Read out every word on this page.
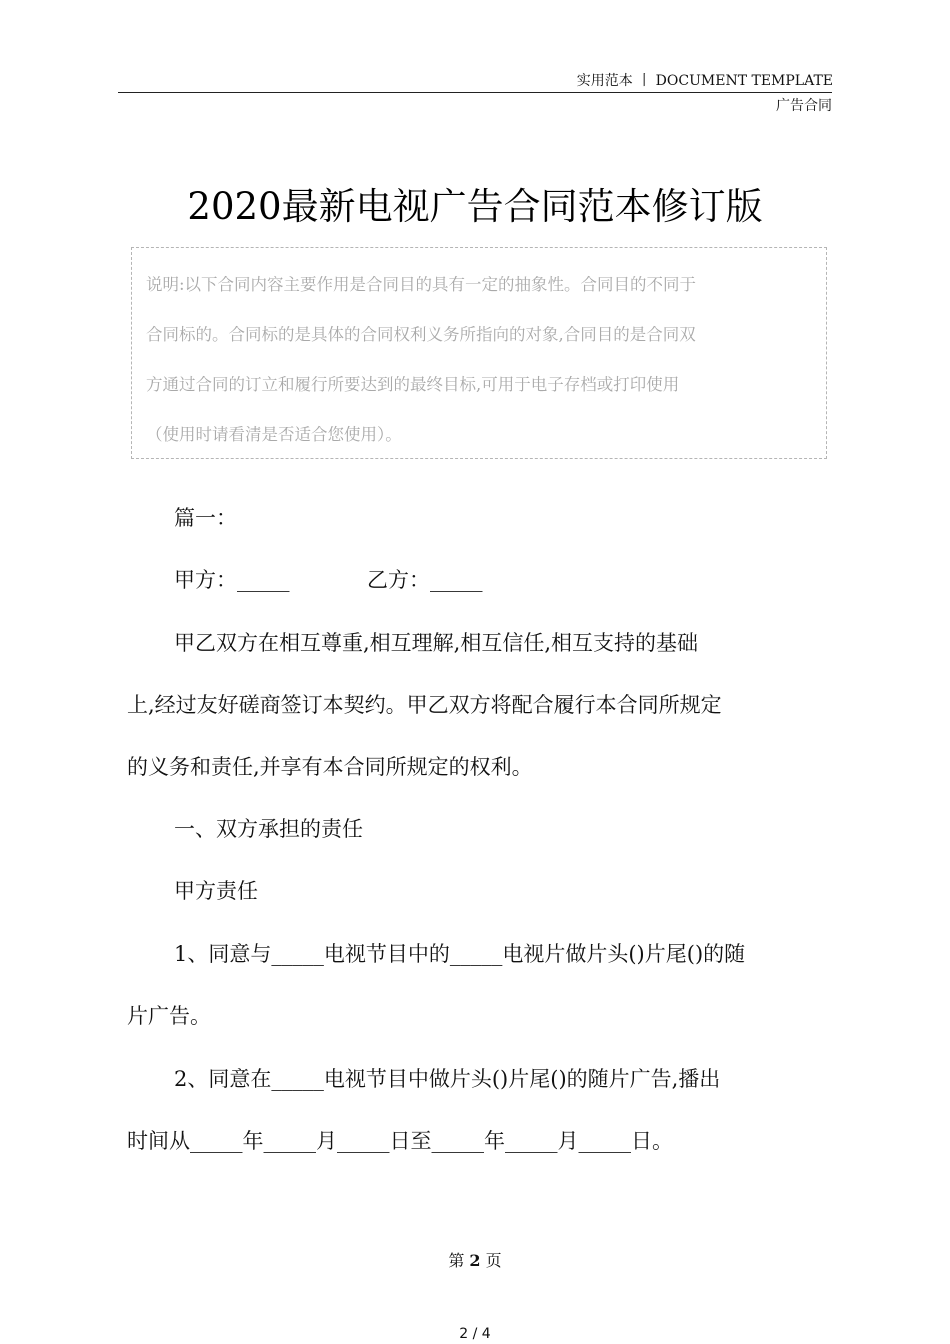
实用范本 丨 DOCUMENT TEMPLATE
广告合同
2020最新电视广告合同范本修订版

说明:以下合同内容主要作用是合同目的具有一定的抽象性。合同目的不同于

合同标的。合同标的是具体的合同权利义务所指向的对象,合同目的是合同双

方通过合同的订立和履行所要达到的最终目标,可用于电子存档或打印使用

（使用时请看清是否适合您使用）。

篇一：
甲方：_____	乙方：_____
甲乙双方在相互尊重,相互理解,相互信任,相互支持的基础
上,经过友好磋商签订本契约。甲乙双方将配合履行本合同所规定
的义务和责任,并享有本合同所规定的权利。
一、双方承担的责任
甲方责任
1、同意与_____电视节目中的_____电视片做片头()片尾()的随
片广告。
2、同意在_____电视节目中做片头()片尾()的随片广告,播出
时间从_____年_____月_____日至_____年_____月_____日。
第 2 页
2 / 4
